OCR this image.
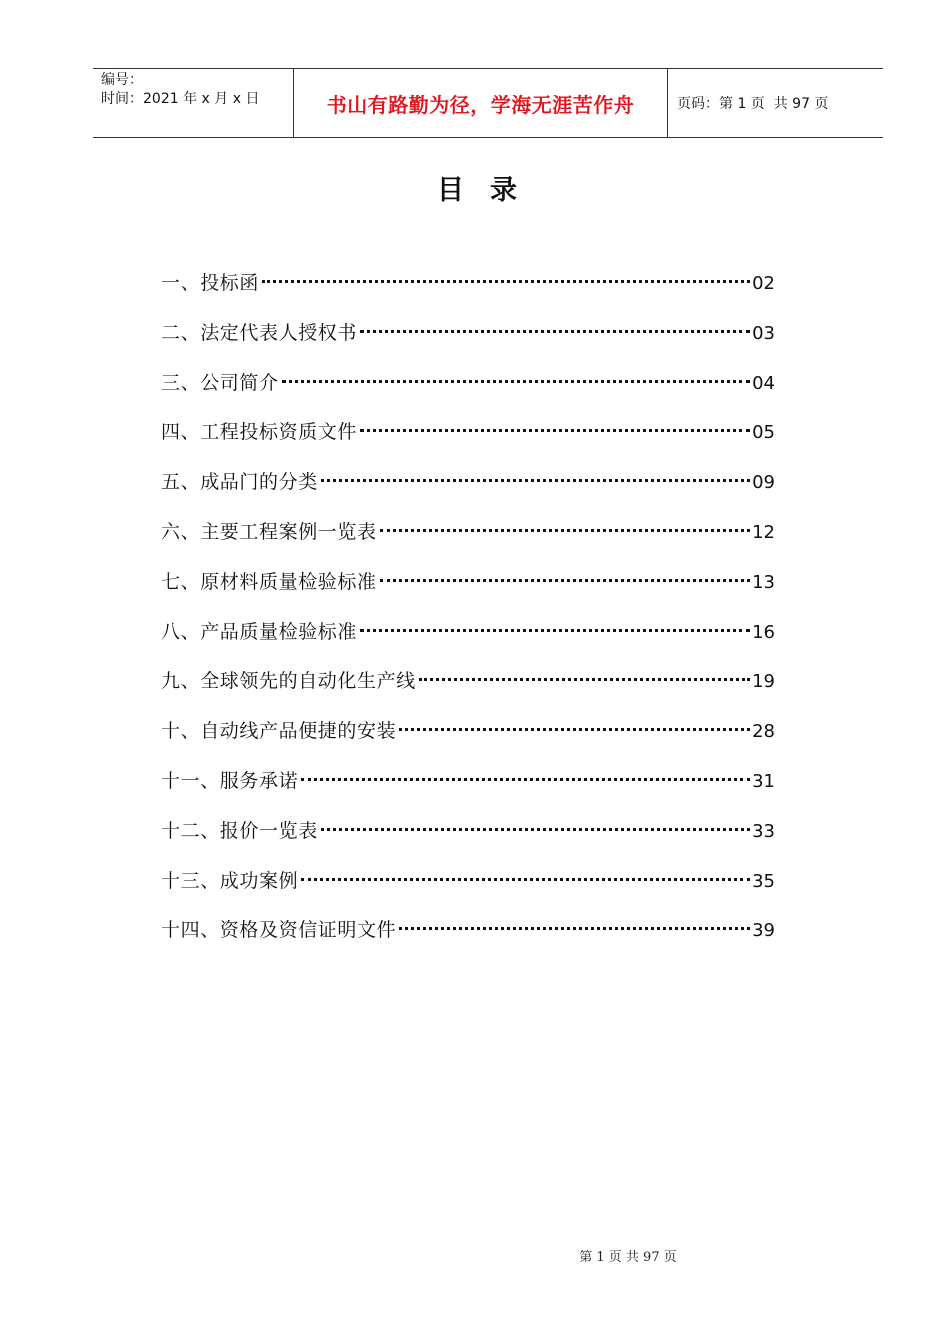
编号：
时间：2021 年 x 月 x 日	书山有路勤为径，学海无涯苦作舟	页码：第 1 页  共 97 页
目录
一、投标函	02
二、法定代表人授权书	03
三、公司简介	04
四、工程投标资质文件	05
五、成品门的分类	09
六、主要工程案例一览表	12
七、原材料质量检验标准	13
八、产品质量检验标准	16
九、全球领先的自动化生产线	19
十、自动线产品便捷的安装	28
十一、服务承诺	31
十二、报价一览表	33
十三、成功案例	35
十四、资格及资信证明文件	39
第 1 页 共 97 页
